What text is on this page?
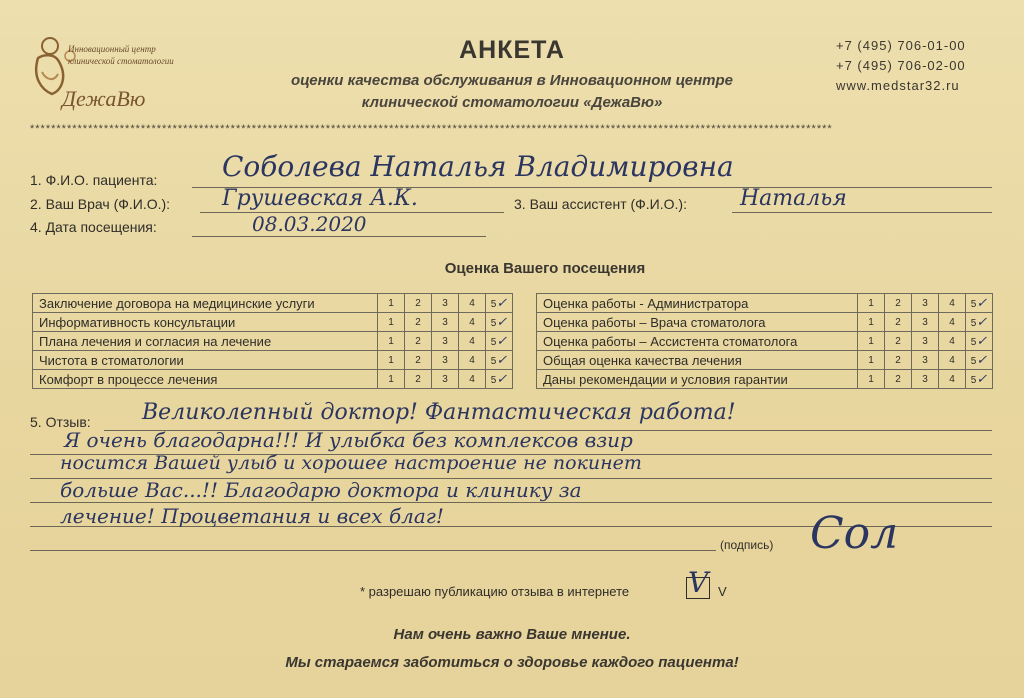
Инновационный центр
клинической стоматологии
ДежаВю
АНКЕТА
оценки качества обслуживания в Инновационном центре
клинической стоматологии «ДежаВю»
+7 (495) 706-01-00
+7 (495) 706-02-00
www.medstar32.ru
********************************************************************************************************************************************************
1. Ф.И.О. пациента: Соболева Наталья Владимировна
2. Ваш Врач (Ф.И.О.): Грушевская А.К.	3. Ваш ассистент (Ф.И.О.): Наталья
4. Дата посещения:	08.03.2020
Оценка Вашего посещения
Заключение договора на медицинские услуги	1	2	3	4	5✓
Информативность консультации	1	2	3	4	5✓
Плана лечения и согласия на лечение	1	2	3	4	5✓
Чистота в стоматологии	1	2	3	4	5✓
Комфорт в процессе лечения	1	2	3	4	5✓
Оценка работы - Администратора	1	2	3	4	5✓
Оценка работы – Врача стоматолога	1	2	3	4	5✓
Оценка работы – Ассистента стоматолога	1	2	3	4	5✓
Общая оценка качества лечения	1	2	3	4	5✓
Даны рекомендации и условия гарантии	1	2	3	4	5✓
5. Отзыв: Великолепный доктор! Фантастическая работа!
Я очень благодарна!!! И улыбка без комплексов взир
носится Вашей улыб и хорошее настроение не покинет
больше Вас...!! Благодарю доктора и клинику за
лечение! Процветания и всех благ!
(подпись) Сол
* разрешаю публикацию отзыва в интернете V V
Нам очень важно Ваше мнение.
Мы стараемся заботиться о здоровье каждого пациента!
